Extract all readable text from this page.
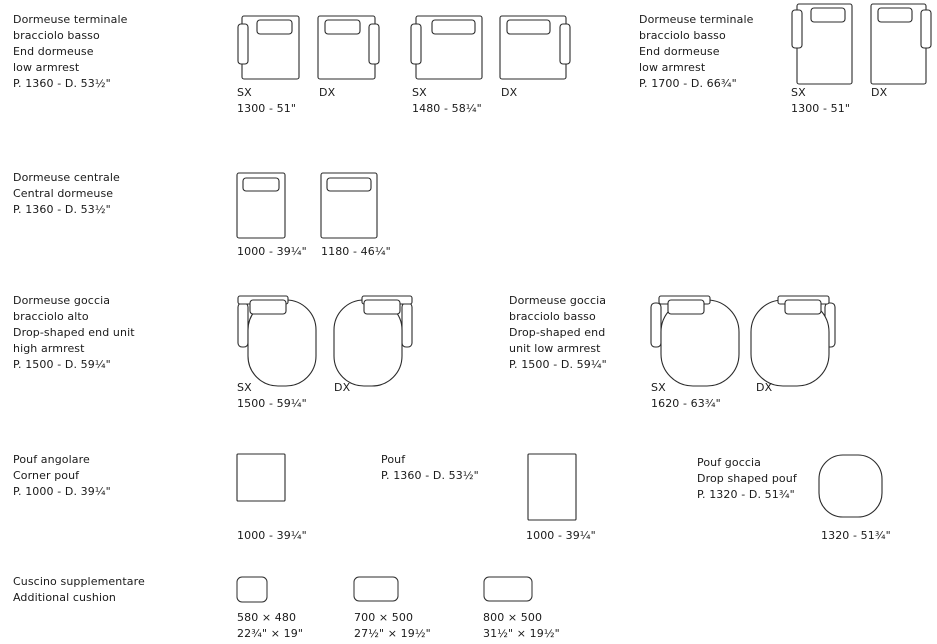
Dormeuse terminale
bracciolo basso
End dormeuse
low armrest
P. 1360 - D. 53½"
SX
1300 - 51"
DX	SX
1480 - 58¼"
DX
Dormeuse terminale
bracciolo basso
End dormeuse
low armrest
P. 1700 - D. 66¾"
SX
1300 - 51"
DX
Dormeuse centrale
Central dormeuse
P. 1360 - D. 53½"
1000 - 39¼" 1180 - 46¼"
Dormeuse goccia
bracciolo alto
Drop-shaped end unit
high armrest
P. 1500 - D. 59¼"
SX
1500 - 59¼"
DX
Dormeuse goccia
bracciolo basso
Drop-shaped end
unit low armrest
P. 1500 - D. 59¼"
SX
1620 - 63¾"
DX
Pouf angolare
Corner pouf
P. 1000 - D. 39¼"
1000 - 39¼"
Pouf
P. 1360 - D. 53½"
1000 - 39¼"
Pouf goccia
Drop shaped pouf
P. 1320 - D. 51¾"
1320 - 51¾"
Cuscino supplementare
Additional cushion
580 × 480
22¾" × 19"
700 × 500
27½" × 19½"
800 × 500
31½" × 19½"
